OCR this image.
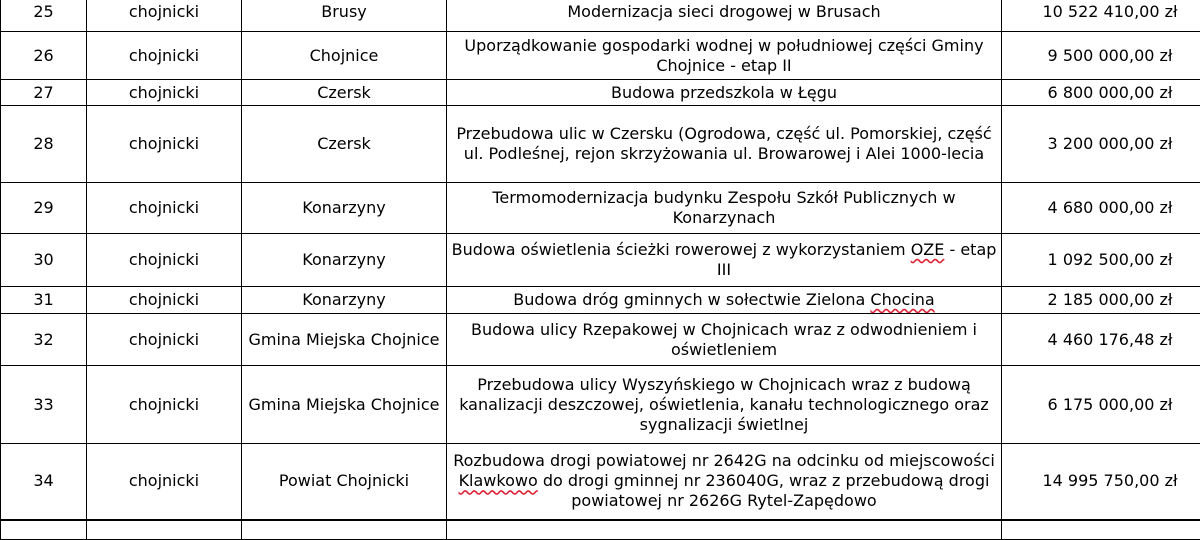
25	chojnicki	Brusy	Modernizacja sieci drogowej w Brusach	10 522 410,00 zł
26	chojnicki	Chojnice	Uporządkowanie gospodarki wodnej w południowej części Gminy Chojnice - etap II	9 500 000,00 zł
27	chojnicki	Czersk	Budowa przedszkola w Łęgu	6 800 000,00 zł
28	chojnicki	Czersk	Przebudowa ulic w Czersku (Ogrodowa, część ul. Pomorskiej, część ul. Podleśnej, rejon skrzyżowania ul. Browarowej i Alei 1000-lecia	3 200 000,00 zł
29	chojnicki	Konarzyny	Termomodernizacja budynku Zespołu Szkół Publicznych w Konarzynach	4 680 000,00 zł
30	chojnicki	Konarzyny	Budowa oświetlenia ścieżki rowerowej z wykorzystaniem OZE - etap III	1 092 500,00 zł
31	chojnicki	Konarzyny	Budowa dróg gminnych w sołectwie Zielona Chocina	2 185 000,00 zł
32	chojnicki	Gmina Miejska Chojnice	Budowa ulicy Rzepakowej w Chojnicach wraz z odwodnieniem i oświetleniem	4 460 176,48 zł
33	chojnicki	Gmina Miejska Chojnice	Przebudowa ulicy Wyszyńskiego w Chojnicach wraz z budową kanalizacji deszczowej, oświetlenia, kanału technologicznego oraz sygnalizacji świetlnej	6 175 000,00 zł
34	chojnicki	Powiat Chojnicki	Rozbudowa drogi powiatowej nr 2642G na odcinku od miejscowości Klawkowo do drogi gminnej nr 236040G, wraz z przebudową drogi powiatowej nr 2626G Rytel-Zapędowo	14 995 750,00 zł
